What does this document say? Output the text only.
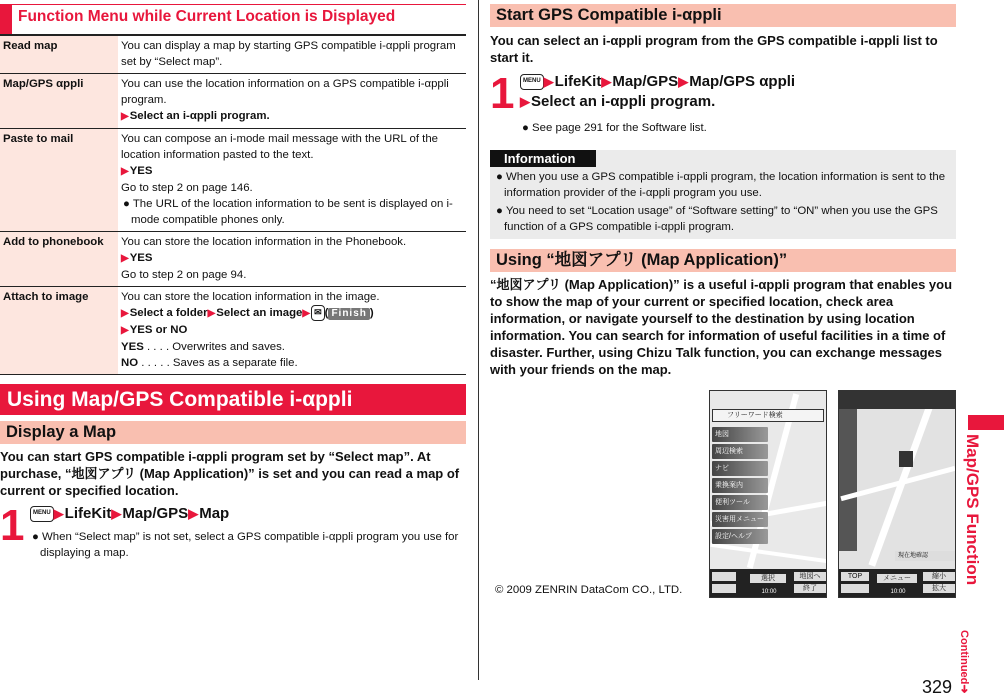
Function Menu while Current Location is Displayed
Read map	You can display a map by starting GPS compatible i-αppli program set by “Select map”.
Map/GPS αppli	You can use the location information on a GPS compatible i-αppli program.
▶Select an i-αppli program.

Paste to mail	You can compose an i-mode mail message with the URL of the location information pasted to the text.
▶YES
Go to step 2 on page 146.
● The URL of the location information to be sent is displayed on i-mode compatible phones only.

Add to phonebook	You can store the location information in the Phonebook.
▶YES
Go to step 2 on page 94.

Attach to image	You can store the location information in the image.
▶Select a folder▶Select an image▶ ✉ ( Finish )
▶YES or NO
YES . . . . Overwrites and saves.
NO . . . . . Saves as a separate file.
Using Map/GPS Compatible i-αppli
Display a Map
You can start GPS compatible i-αppli program set by “Select map”. At purchase, “地図アプリ (Map Application)” is set and you can read a map of current or specified location.
1	MENU ▶LifeKit▶Map/GPS▶Map
● When “Select map” is not set, select a GPS compatible i-αppli program you use for displaying a map.
Start GPS Compatible i-αppli
You can select an i-αppli program from the GPS compatible i-αppli list to start it.
1	MENU ▶LifeKit▶Map/GPS▶Map/GPS αppli
▶Select an i-αppli program.
● See page 291 for the Software list.
Information
● When you use a GPS compatible i-αppli program, the location information is sent to the information provider of the i-αppli program you use.
● You need to set “Location usage” of “Software setting” to “ON” when you use the GPS function of a GPS compatible i-αppli program.
Using “地図アプリ (Map Application)”
“地図アプリ (Map Application)” is a useful i-αppli program that enables you to show the map of your current or specified location, check area information, or navigate yourself to the destination by using location information. You can search for information of useful facilities in a time of disaster. Further, using Chizu Talk function, you can exchange messages with your friends on the map.
© 2009 ZENRIN DataCom CO., LTD.
フリーワード検索
地図
周辺検索
ナビ
乗換案内
便利ツール
災害用メニュー
設定/ヘルプ
選択	地図へ
終了
10:00
現在地確認
TOP	メニュー	縮小
拡大
10:00
Map/GPS Function
Continued➜
329
